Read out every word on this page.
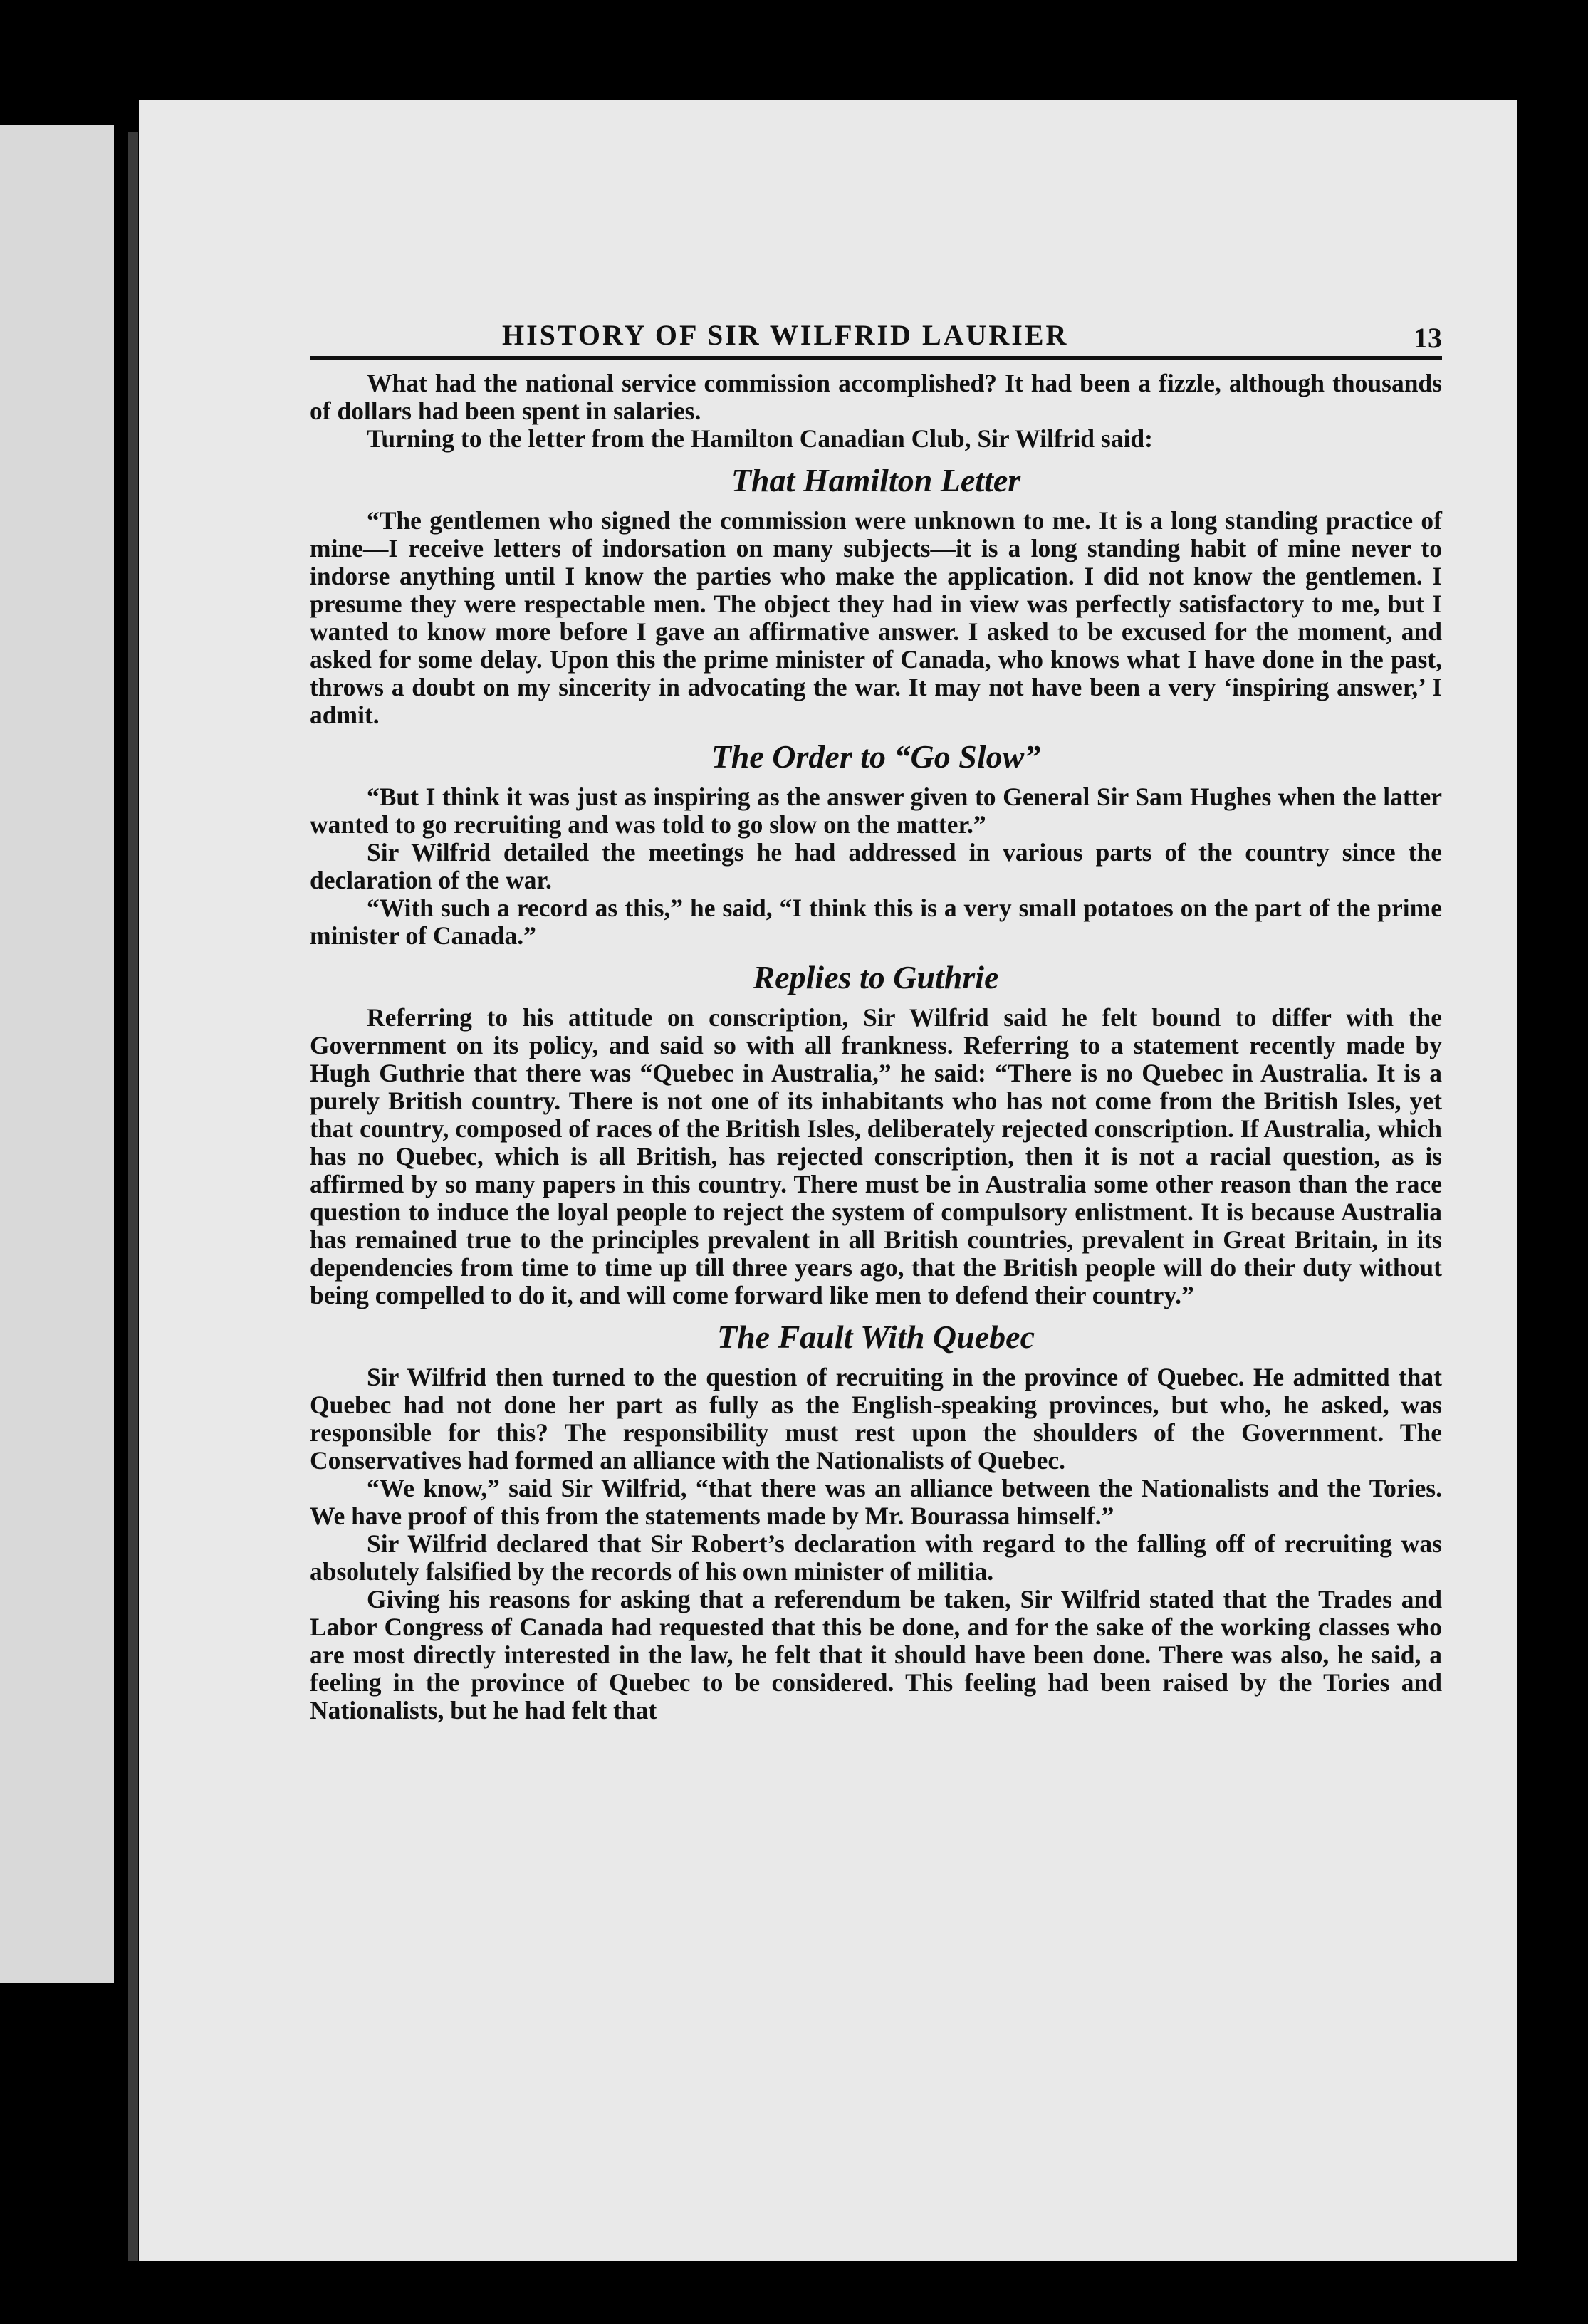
HISTORY OF SIR WILFRID LAURIER	13

What had the national service commission accomplished? It had been a fizzle, although thousands of dollars had been spent in salaries.

Turning to the letter from the Hamilton Canadian Club, Sir Wilfrid said:

That Hamilton Letter

“The gentlemen who signed the commission were unknown to me. It is a long standing practice of mine—I receive letters of indorsation on many subjects—it is a long standing habit of mine never to indorse anything until I know the parties who make the application. I did not know the gentlemen. I presume they were respectable men. The object they had in view was perfectly satisfactory to me, but I wanted to know more before I gave an affirmative answer. I asked to be excused for the moment, and asked for some delay. Upon this the prime minister of Canada, who knows what I have done in the past, throws a doubt on my sincerity in advocating the war. It may not have been a very ‘inspiring answer,’ I admit.

The Order to “Go Slow”

“But I think it was just as inspiring as the answer given to General Sir Sam Hughes when the latter wanted to go recruiting and was told to go slow on the matter.”

Sir Wilfrid detailed the meetings he had addressed in various parts of the country since the declaration of the war.

“With such a record as this,” he said, “I think this is a very small potatoes on the part of the prime minister of Canada.”

Replies to Guthrie

Referring to his attitude on conscription, Sir Wilfrid said he felt bound to differ with the Government on its policy, and said so with all frankness. Referring to a statement recently made by Hugh Guthrie that there was “Quebec in Australia,” he said: “There is no Quebec in Australia. It is a purely British country. There is not one of its inhabitants who has not come from the British Isles, yet that country, composed of races of the British Isles, deliberately rejected conscription. If Australia, which has no Quebec, which is all British, has rejected conscription, then it is not a racial question, as is affirmed by so many papers in this country. There must be in Australia some other reason than the race question to induce the loyal people to reject the system of compulsory enlistment. It is because Australia has remained true to the principles prevalent in all British countries, prevalent in Great Britain, in its dependencies from time to time up till three years ago, that the British people will do their duty without being compelled to do it, and will come forward like men to defend their country.”

The Fault With Quebec

Sir Wilfrid then turned to the question of recruiting in the province of Quebec. He admitted that Quebec had not done her part as fully as the English-speaking provinces, but who, he asked, was responsible for this? The responsibility must rest upon the shoulders of the Government. The Conservatives had formed an alliance with the Nationalists of Quebec.

“We know,” said Sir Wilfrid, “that there was an alliance between the Nationalists and the Tories. We have proof of this from the statements made by Mr. Bourassa himself.”

Sir Wilfrid declared that Sir Robert’s declaration with regard to the falling off of recruiting was absolutely falsified by the records of his own minister of militia.

Giving his reasons for asking that a referendum be taken, Sir Wilfrid stated that the Trades and Labor Congress of Canada had requested that this be done, and for the sake of the working classes who are most directly interested in the law, he felt that it should have been done. There was also, he said, a feeling in the province of Quebec to be considered. This feeling had been raised by the Tories and Nationalists, but he had felt that
